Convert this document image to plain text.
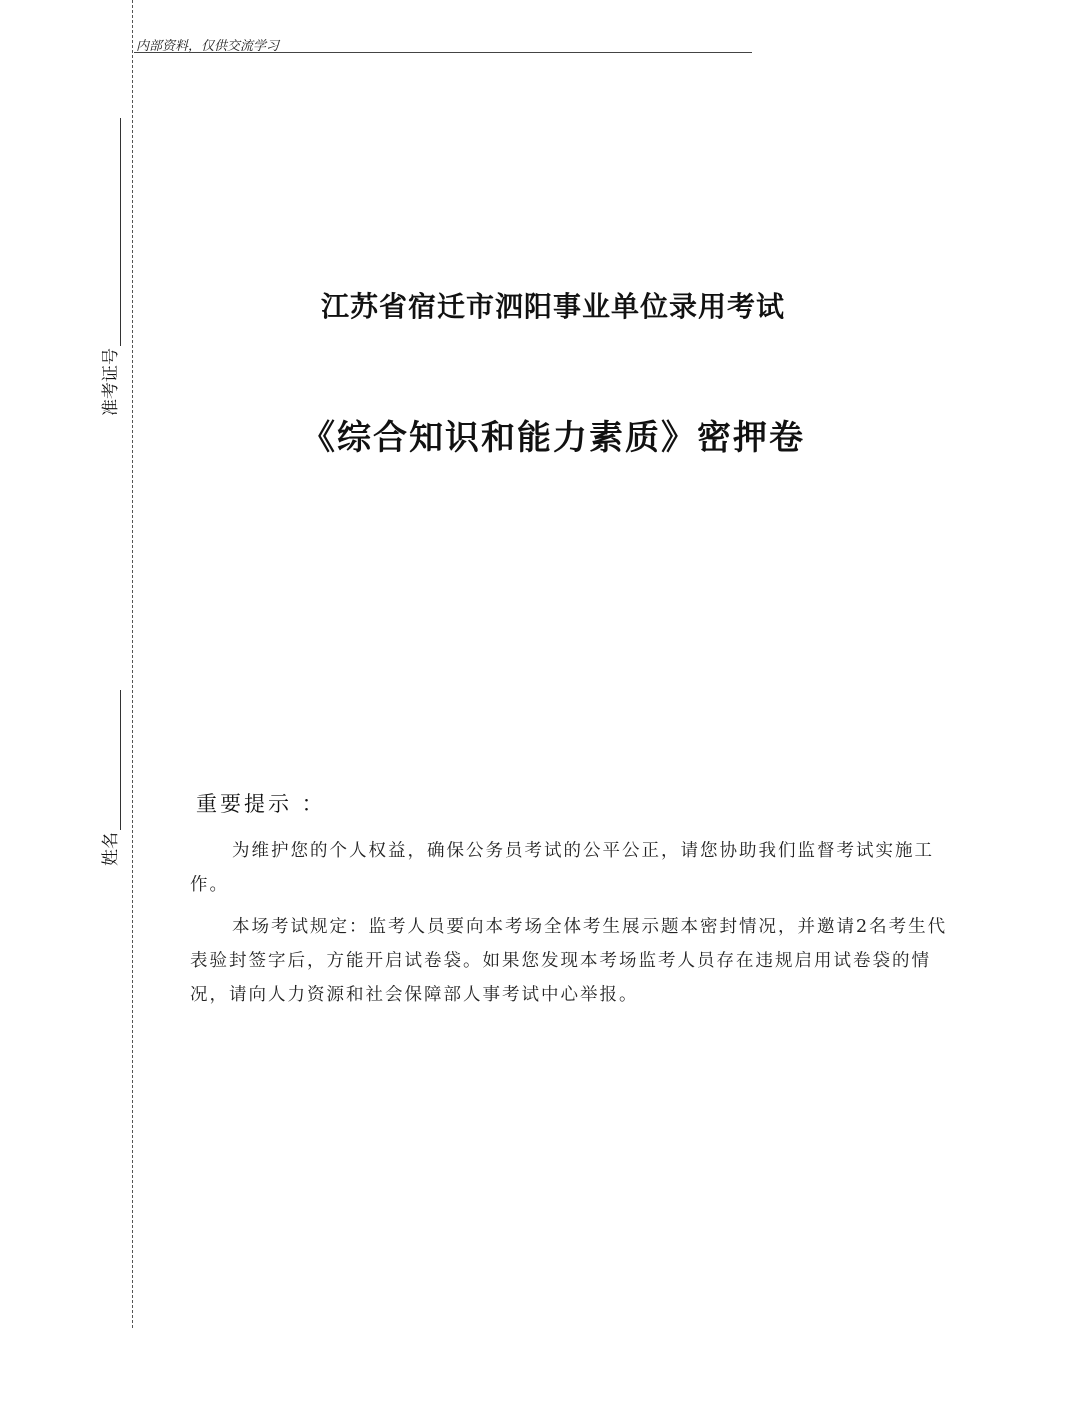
内部资料，仅供交流学习
准考证号
姓名
江苏省宿迁市泗阳事业单位录用考试
《综合知识和能力素质》密押卷
重要提示 ：

为维护您的个人权益，确保公务员考试的公平公正，请您协助我们监督考试实施工作。

本场考试规定：监考人员要向本考场全体考生展示题本密封情况，并邀请2名考生代表验封签字后，方能开启试卷袋。如果您发现本考场监考人员存在违规启用试卷袋的情况，请向人力资源和社会保障部人事考试中心举报。
